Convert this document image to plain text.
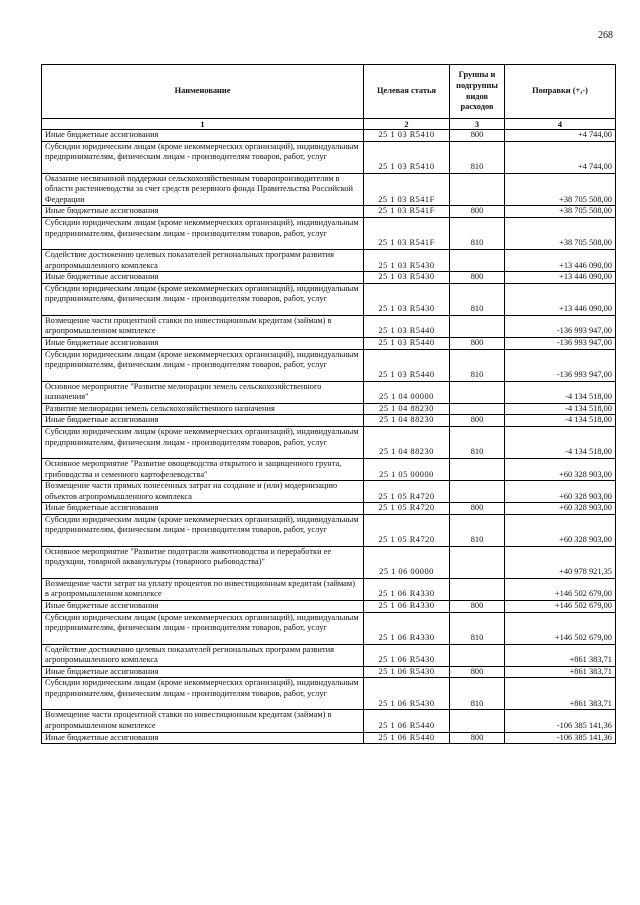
268
Наименование	Целевая статья	Группы и подгруппы видов расходов	Поправки (+,-)
1	2	3	4
Иные бюджетные ассигнования	25 1 03 R5410	800	+4 744,00
Субсидии юридическим лицам (кроме некоммерческих организаций), индивидуальным предпринимателям, физическим лицам - производителям товаров, работ, услуг	25 1 03 R5410	810	+4 744,00
Оказание несвязанной поддержки сельскохозяйственным товаропроизводителям в области растениеводства за счет средств резервного фонда Правительства Российской Федерации	25 1 03 R541F		+38 705 508,00
Иные бюджетные ассигнования	25 1 03 R541F	800	+38 705 508,00
Субсидии юридическим лицам (кроме некоммерческих организаций), индивидуальным предпринимателям, физическим лицам - производителям товаров, работ, услуг	25 1 03 R541F	810	+38 705 508,00
Содействие достижению целевых показателей региональных программ развития агропромышленного комплекса	25 1 03 R5430		+13 446 090,00
Иные бюджетные ассигнования	25 1 03 R5430	800	+13 446 090,00
Субсидии юридическим лицам (кроме некоммерческих организаций), индивидуальным предпринимателям, физическим лицам - производителям товаров, работ, услуг	25 1 03 R5430	810	+13 446 090,00
Возмещение части процентной ставки по инвестиционным кредитам (займам) в агропромышленном комплексе	25 1 03 R5440		-136 993 947,00
Иные бюджетные ассигнования	25 1 03 R5440	800	-136 993 947,00
Субсидии юридическим лицам (кроме некоммерческих организаций), индивидуальным предпринимателям, физическим лицам - производителям товаров, работ, услуг	25 1 03 R5440	810	-136 993 947,00
Основное мероприятие "Развитие мелиорации земель сельскохозяйственного назначения"	25 1 04 00000		-4 134 518,00
Развитие мелиорации земель сельскохозяйственного назначения	25 1 04 88230		-4 134 518,00
Иные бюджетные ассигнования	25 1 04 88230	800	-4 134 518,00
Субсидии юридическим лицам (кроме некоммерческих организаций), индивидуальным предпринимателям, физическим лицам - производителям товаров, работ, услуг	25 1 04 88230	810	-4 134 518,00
Основное мероприятие "Развитие овощеводства открытого и защищенного грунта, грибоводства и семенного картофелеводства"	25 1 05 00000		+60 328 903,00
Возмещение части прямых понесенных затрат на создание и (или) модернизацию объектов агропромышленного комплекса	25 1 05 R4720		+60 328 903,00
Иные бюджетные ассигнования	25 1 05 R4720	800	+60 328 903,00
Субсидии юридическим лицам (кроме некоммерческих организаций), индивидуальным предпринимателям, физическим лицам - производителям товаров, работ, услуг	25 1 05 R4720	810	+60 328 903,00
Основное мероприятие "Развитие подотрасли животноводства и переработки ее продукции, товарной аквакультуры (товарного рыбоводства)"	25 1 06 00000		+40 978 921,35
Возмещение части затрат на уплату процентов по инвестиционным кредитам (займам) в агропромышленном комплексе	25 1 06 R4330		+146 502 679,00
Иные бюджетные ассигнования	25 1 06 R4330	800	+146 502 679,00
Субсидии юридическим лицам (кроме некоммерческих организаций), индивидуальным предпринимателям, физическим лицам - производителям товаров, работ, услуг	25 1 06 R4330	810	+146 502 679,00
Содействие достижению целевых показателей региональных программ развития агропромышленного комплекса	25 1 06 R5430		+861 383,71
Иные бюджетные ассигнования	25 1 06 R5430	800	+861 383,71
Субсидии юридическим лицам (кроме некоммерческих организаций), индивидуальным предпринимателям, физическим лицам - производителям товаров, работ, услуг	25 1 06 R5430	810	+861 383,71
Возмещение части процентной ставки по инвестиционным кредитам (займам) в агропромышленном комплексе	25 1 06 R5440		-106 385 141,36
Иные бюджетные ассигнования	25 1 06 R5440	800	-106 385 141,36
